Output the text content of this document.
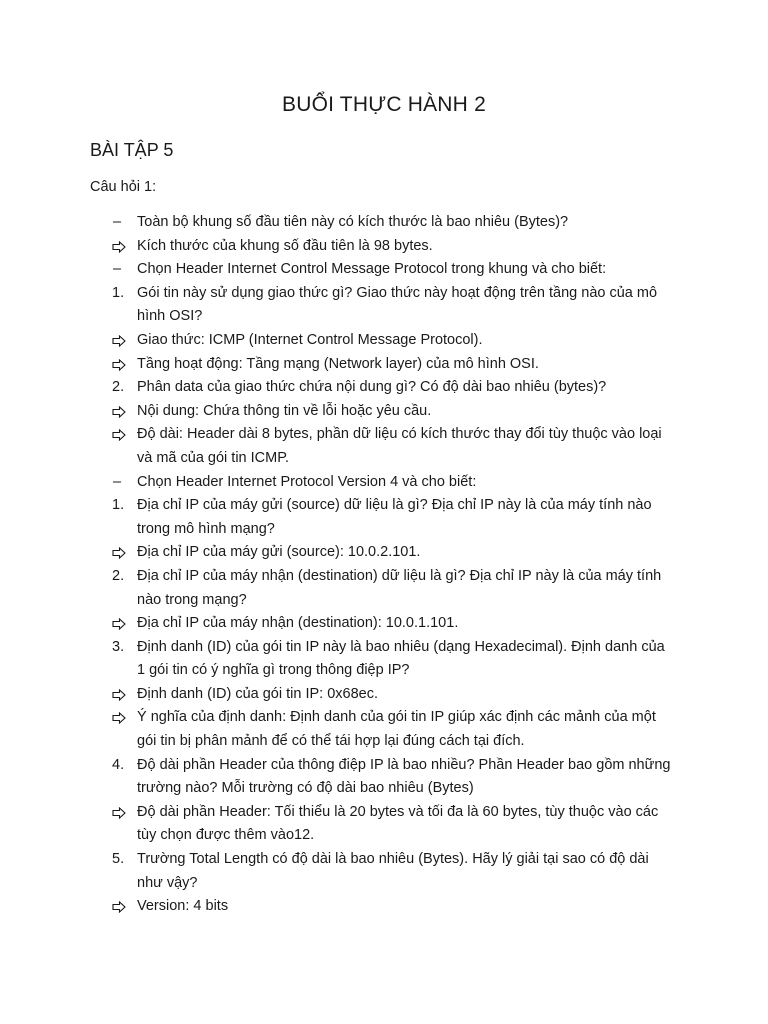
BUỔI THỰC HÀNH 2
BÀI TẬP 5

Câu hỏi 1:

–	Toàn bộ khung số đầu tiên này có kích thước là bao nhiêu (Bytes)?
Kích thước của khung số đầu tiên là 98 bytes.
–	Chọn Header Internet Control Message Protocol trong khung và cho biết:
1. Gói tin này sử dụng giao thức gì? Giao thức này hoạt động trên tầng nào của mô hình OSI?
Giao thức: ICMP (Internet Control Message Protocol).
Tầng hoạt động: Tầng mạng (Network layer) của mô hình OSI.
2. Phân data của giao thức chứa nội dung gì? Có độ dài bao nhiêu (bytes)?
Nội dung: Chứa thông tin về lỗi hoặc yêu cầu.
Độ dài: Header dài 8 bytes, phần dữ liệu có kích thước thay đổi tùy thuộc vào loại và mã của gói tin ICMP.
–	Chọn Header Internet Protocol Version 4 và cho biết:
1. Địa chỉ IP của máy gửi (source) dữ liệu là gì? Địa chỉ IP này là của máy tính nào trong mô hình mạng?
Địa chỉ IP của máy gửi (source): 10.0.2.101.
2. Địa chỉ IP của máy nhận (destination) dữ liệu là gì? Địa chỉ IP này là của máy tính nào trong mạng?
Địa chỉ IP của máy nhận (destination): 10.0.1.101.
3. Định danh (ID) của gói tin IP này là bao nhiêu (dạng Hexadecimal). Định danh của 1 gói tin có ý nghĩa gì trong thông điệp IP?
Định danh (ID) của gói tin IP: 0x68ec.
Ý nghĩa của định danh: Định danh của gói tin IP giúp xác định các mảnh của một gói tin bị phân mảnh để có thể tái hợp lại đúng cách tại đích.
4. Độ dài phần Header của thông điệp IP là bao nhiều? Phần Header bao gồm những trường nào? Mỗi trường có độ dài bao nhiêu (Bytes)
Độ dài phần Header: Tối thiểu là 20 bytes và tối đa là 60 bytes, tùy thuộc vào các tùy chọn được thêm vào12.
5. Trường Total Length có độ dài là bao nhiêu (Bytes). Hãy lý giải tại sao có độ dài như vậy?
Version: 4 bits
